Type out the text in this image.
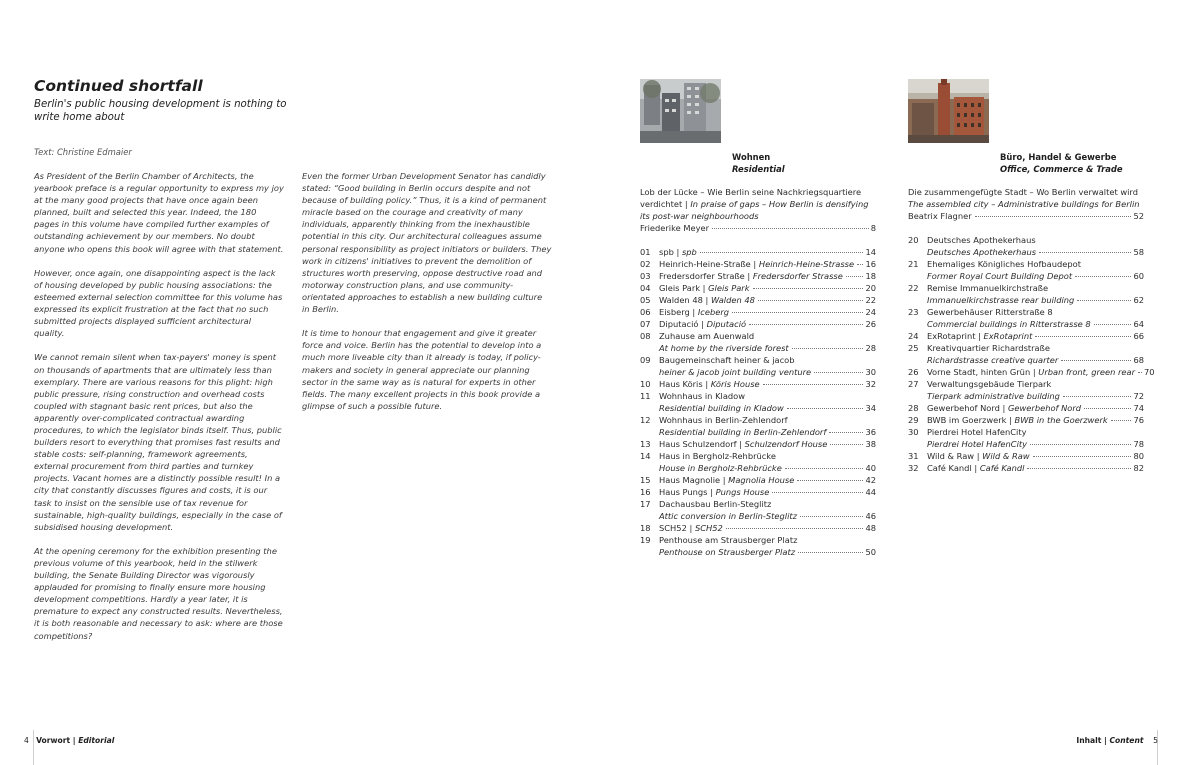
Continued shortfall
Berlin's public housing development is nothing to write home about
Text: Christine Edmaier

As President of the Berlin Chamber of Architects, the yearbook preface is a regular opportunity to express my joy at the many good projects that have once again been planned, built and selected this year. Indeed, the 180 pages in this volume have compiled further examples of outstanding achievement by our members. No doubt anyone who opens this book will agree with that statement.

However, once again, one disappointing aspect is the lack of housing developed by public housing associations: the esteemed external selection committee for this volume has expressed its explicit frustration at the fact that no such submitted projects displayed sufficient architectural quality.

We cannot remain silent when tax-payers' money is spent on thousands of apartments that are ultimately less than exemplary. There are various reasons for this plight: high public pressure, rising construction and overhead costs coupled with stagnant basic rent prices, but also the apparently over-complicated contractual awarding procedures, to which the legislator binds itself. Thus, public builders resort to everything that promises fast results and stable costs: self-planning, framework agreements, external procurement from third parties and turnkey projects. Vacant homes are a distinctly possible result! In a city that constantly discusses figures and costs, it is our task to insist on the sensible use of tax revenue for sustainable, high-quality buildings, especially in the case of subsidised housing development.

At the opening ceremony for the exhibition presenting the previous volume of this yearbook, held in the stilwerk building, the Senate Building Director was vigorously applauded for promising to finally ensure more housing development competitions. Hardly a year later, it is premature to expect any constructed results. Nevertheless, it is both reasonable and necessary to ask: where are those competitions?

Even the former Urban Development Senator has candidly stated: “Good building in Berlin occurs despite and not because of building policy.” Thus, it is a kind of permanent miracle based on the courage and creativity of many individuals, apparently thinking from the inexhaustible potential in this city. Our architectural colleagues assume personal responsibility as project initiators or builders. They work in citizens' initiatives to prevent the demolition of structures worth preserving, oppose destructive road and motorway construction plans, and use community-orientated approaches to establish a new building culture in Berlin.

It is time to honour that engagement and give it greater force and voice. Berlin has the potential to develop into a much more liveable city than it already is today, if policy-makers and society in general appreciate our planning sector in the same way as is natural for experts in other fields. The many excellent projects in this book provide a glimpse of such a possible future.

Wohnen
Residential
Büro, Handel & Gewerbe
Office, Commerce & Trade
Lob der Lücke – Wie Berlin seine Nachkriegsquartiere
verdichtet | In praise of gaps – How Berlin is densifying
its post-war neighbourhoods
Friederike Meyer	8
01	spb | spb	14
02	Heinrich-Heine-Straße | Heinrich-Heine-Strasse 16
03	Fredersdorfer Straße | Fredersdorfer Strasse	18
04	Gleis Park | Gleis Park	20
05	Walden 48 | Walden 48	22
06	Eisberg | Iceberg	24
07	Diputació | Diputació	26
08	Zuhause am Auenwald
At home by the riverside forest	28
09	Baugemeinschaft heiner & jacob
heiner & jacob joint building venture	30
10	Haus Köris | Köris House	32
11	Wohnhaus in Kladow
Residential building in Kladow	34
12	Wohnhaus in Berlin-Zehlendorf
Residential building in Berlin-Zehlendorf	36
13	Haus Schulzendorf | Schulzendorf House	38
14	Haus in Bergholz-Rehbrücke
House in Bergholz-Rehbrücke	40
15	Haus Magnolie | Magnolia House	42
16	Haus Pungs | Pungs House	44
17	Dachausbau Berlin-Steglitz
Attic conversion in Berlin-Steglitz	46
18	SCH52 | SCH52	48
19	Penthouse am Strausberger Platz
Penthouse on Strausberger Platz	50
Die zusammengefügte Stadt – Wo Berlin verwaltet wird
The assembled city – Administrative buildings for Berlin
Beatrix Flagner	52
20	Deutsches Apothekerhaus
Deutsches Apothekerhaus	58
21	Ehemaliges Königliches Hofbaudepot
Former Royal Court Building Depot	60
22	Remise Immanuelkirchstraße
Immanuelkirchstrasse rear building	62
23	Gewerbehäuser Ritterstraße 8
Commercial buildings in Ritterstrasse 8	64
24	ExRotaprint | ExRotaprint	66
25	Kreativquartier Richardstraße
Richardstrasse creative quarter	68
26	Vorne Stadt, hinten Grün | Urban front, green rear 70
27	Verwaltungsgebäude Tierpark
Tierpark administrative building	72
28	Gewerbehof Nord | Gewerbehof Nord	74
29	BWB im Goerzwerk | BWB in the Goerzwerk	76
30	Pierdrei Hotel HafenCity
Pierdrei Hotel HafenCity	78
31	Wild & Raw | Wild & Raw	80
32	Café Kandl | Café Kandl	82
4 Vorwort | Editorial	Inhalt | Content 5
